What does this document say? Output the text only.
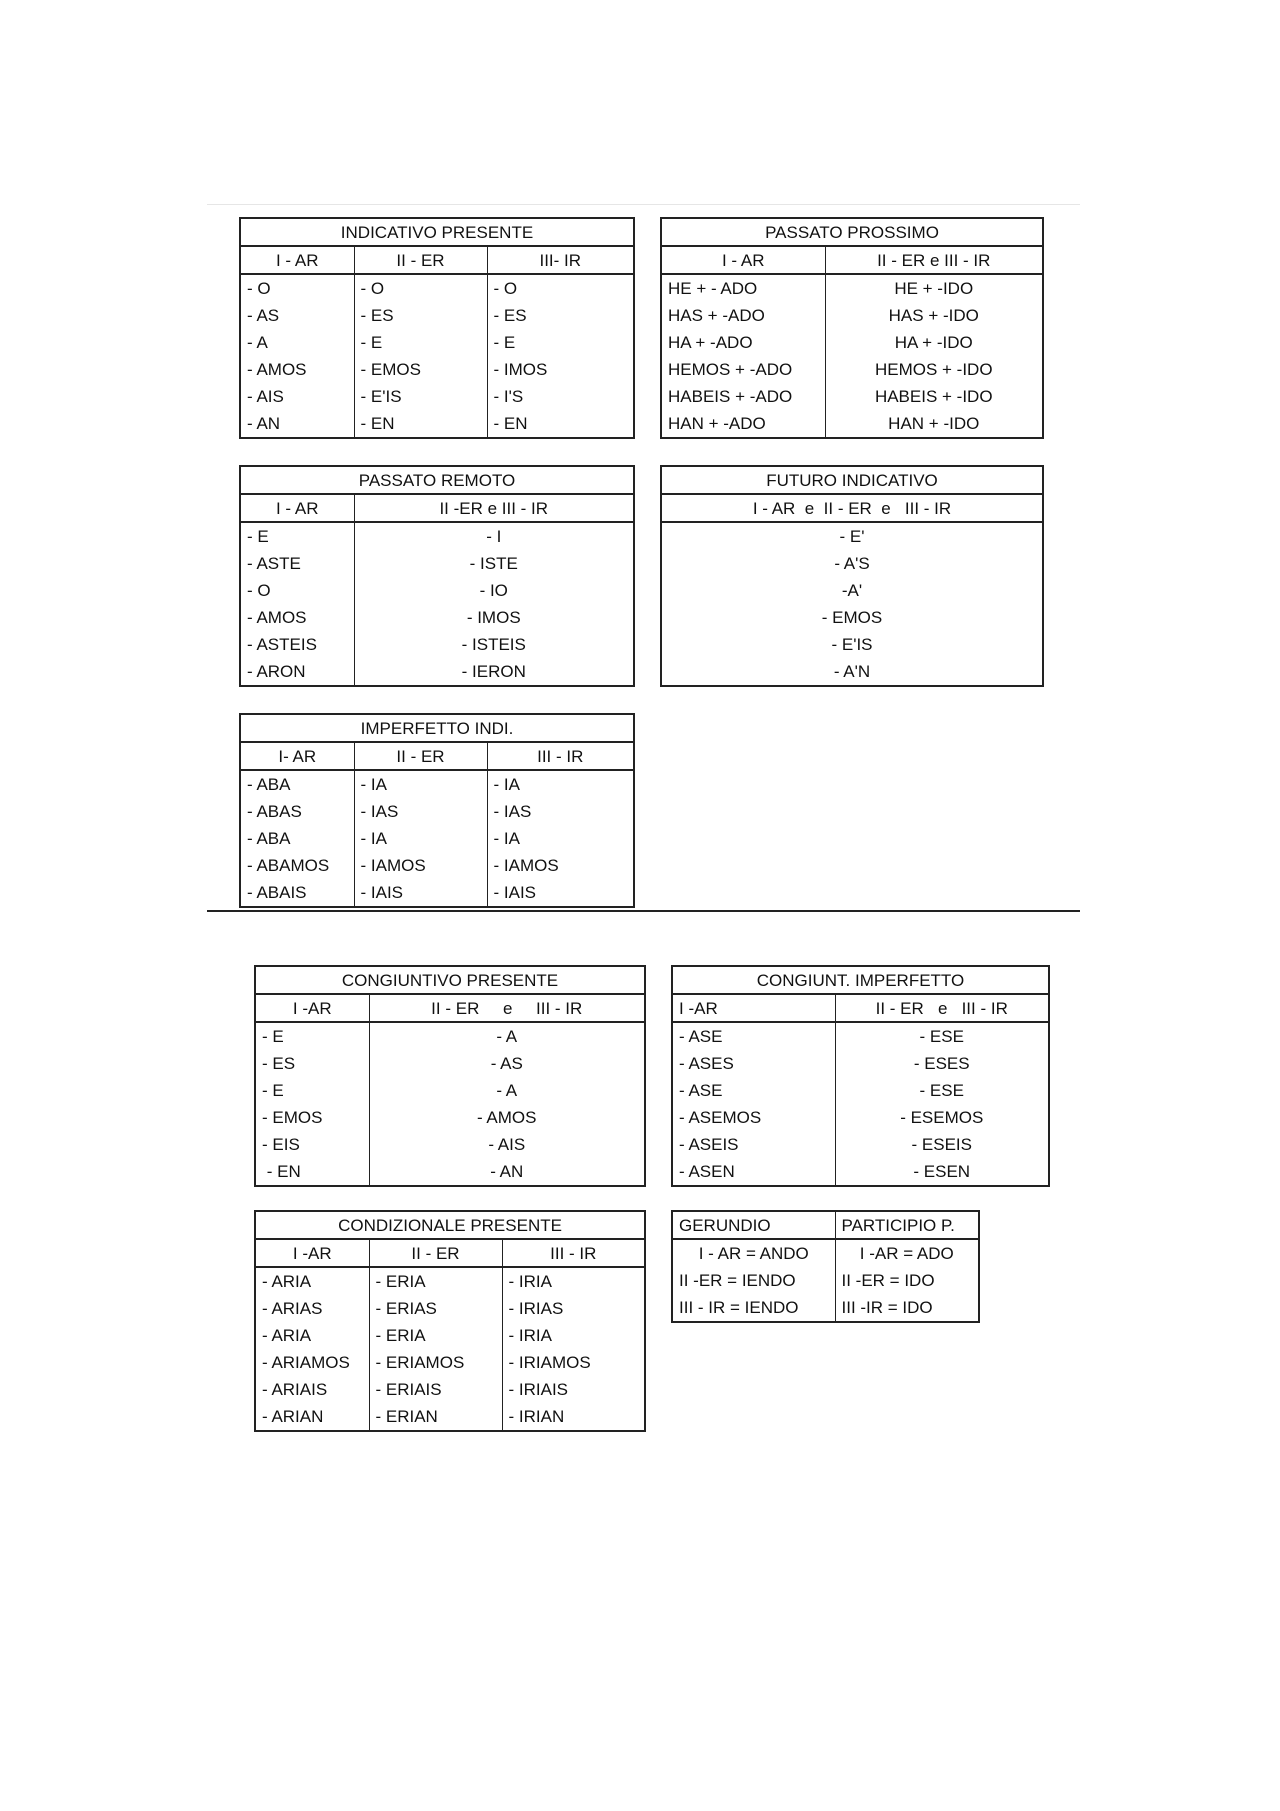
INDICATIVO PRESENTE		
I - AR	II - ER	III- IR
- O	- O	- O
- AS	- ES	- ES
- A	- E	- E
- AMOS	- EMOS	- IMOS
- AIS	- E'IS	- I'S
- AN	- EN	- EN
PASSATO PROSSIMO	
I - AR	II - ER e III - IR
HE + - ADO	HE + -IDO
HAS + -ADO	HAS + -IDO
HA + -ADO	HA + -IDO
HEMOS + -ADO	HEMOS + -IDO
HABEIS + -ADO	HABEIS + -IDO
HAN + -ADO	HAN + -IDO
PASSATO REMOTO	
I - AR	II -ER e III - IR
- E	- I
- ASTE	- ISTE
- O	- IO
- AMOS	- IMOS
- ASTEIS	- ISTEIS
- ARON	- IERON
FUTURO INDICATIVO
I - AR  e  II - ER  e   III - IR
- E'
- A'S
-A'
- EMOS
- E'IS
- A'N
IMPERFETTO INDI.		
I- AR	II - ER	III - IR
- ABA	- IA	- IA
- ABAS	- IAS	- IAS
- ABA	- IA	- IA
- ABAMOS	- IAMOS	- IAMOS
- ABAIS	- IAIS	- IAIS
CONGIUNTIVO PRESENTE	
I -AR	II - ER     e     III - IR
- E	- A
- ES	- AS
- E	- A
- EMOS	- AMOS
- EIS	- AIS
- EN	- AN
CONGIUNT. IMPERFETTO	
I -AR	II - ER   e   III - IR
- ASE	- ESE
- ASES	- ESES
- ASE	- ESE
- ASEMOS	- ESEMOS
- ASEIS	- ESEIS
- ASEN	- ESEN
CONDIZIONALE PRESENTE		
I -AR	II - ER	III - IR
- ARIA	- ERIA	- IRIA
- ARIAS	- ERIAS	- IRIAS
- ARIA	- ERIA	- IRIA
- ARIAMOS	- ERIAMOS	- IRIAMOS
- ARIAIS	- ERIAIS	- IRIAIS
- ARIAN	- ERIAN	- IRIAN
GERUNDIO	PARTICIPIO P.
I - AR = ANDO	I -AR = ADO
II -ER = IENDO	II -ER = IDO
III - IR = IENDO	III -IR = IDO
